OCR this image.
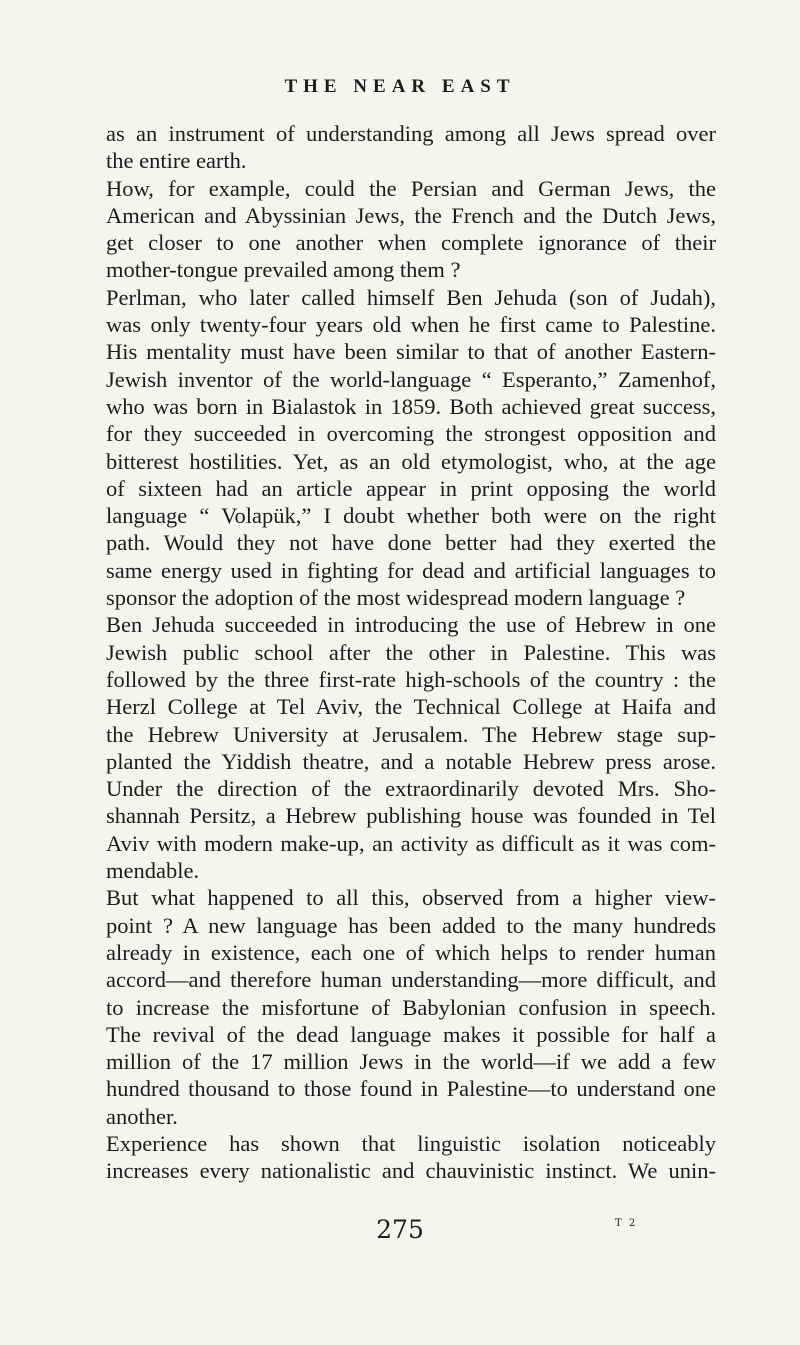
THE NEAR EAST
as an instrument of understanding among all Jews spread over
the entire earth.
How, for example, could the Persian and German Jews, the
American and Abyssinian Jews, the French and the Dutch Jews,
get closer to one another when complete ignorance of their
mother-tongue prevailed among them ?
Perlman, who later called himself Ben Jehuda (son of Judah),
was only twenty-four years old when he first came to Palestine.
His mentality must have been similar to that of another Eastern-
Jewish inventor of the world-language “ Esperanto,” Zamenhof,
who was born in Bialastok in 1859. Both achieved great success,
for they succeeded in overcoming the strongest opposition and
bitterest hostilities. Yet, as an old etymologist, who, at the age
of sixteen had an article appear in print opposing the world
language “ Volapük,” I doubt whether both were on the right
path. Would they not have done better had they exerted the
same energy used in fighting for dead and artificial languages to
sponsor the adoption of the most widespread modern language ?
Ben Jehuda succeeded in introducing the use of Hebrew in one
Jewish public school after the other in Palestine. This was
followed by the three first-rate high-schools of the country : the
Herzl College at Tel Aviv, the Technical College at Haifa and
the Hebrew University at Jerusalem. The Hebrew stage sup-
planted the Yiddish theatre, and a notable Hebrew press arose.
Under the direction of the extraordinarily devoted Mrs. Sho-
shannah Persitz, a Hebrew publishing house was founded in Tel
Aviv with modern make-up, an activity as difficult as it was com-
mendable.
But what happened to all this, observed from a higher view-
point ? A new language has been added to the many hundreds
already in existence, each one of which helps to render human
accord—and therefore human understanding—more difficult, and
to increase the misfortune of Babylonian confusion in speech.
The revival of the dead language makes it possible for half a
million of the 17 million Jews in the world—if we add a few
hundred thousand to those found in Palestine—to understand one
another.
Experience has shown that linguistic isolation noticeably
increases every nationalistic and chauvinistic instinct. We unin-
275	T 2
